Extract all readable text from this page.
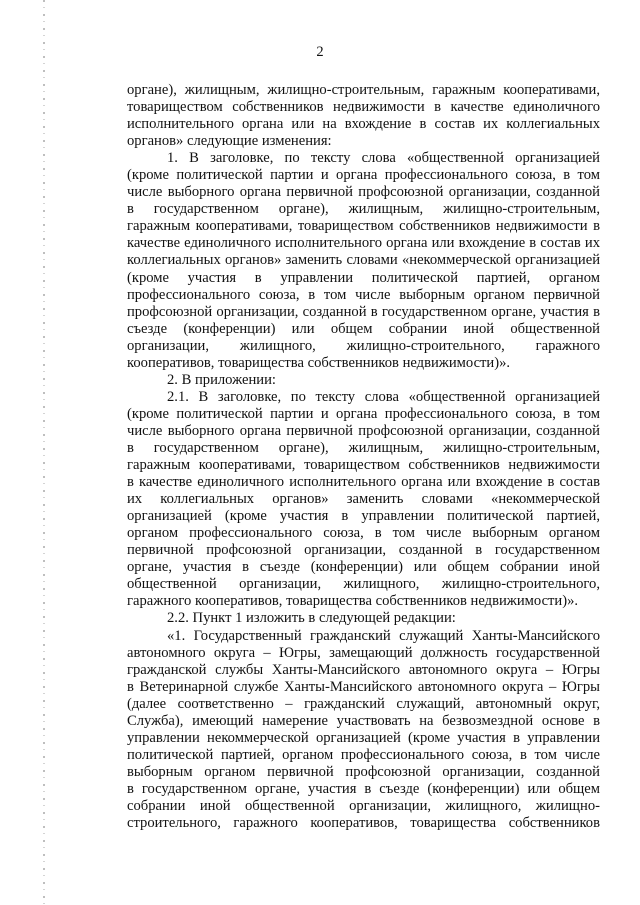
2
органе), жилищным, жилищно-строительным, гаражным кооперативами,
товариществом собственников недвижимости в качестве единоличного
исполнительного органа или на вхождение в состав их коллегиальных
органов» следующие изменения:
1. В заголовке, по тексту слова «общественной организацией
(кроме политической партии и органа профессионального союза, в том
числе выборного органа первичной профсоюзной организации, созданной
в государственном органе), жилищным, жилищно-строительным,
гаражным кооперативами, товариществом собственников недвижимости в
качестве единоличного исполнительного органа или вхождение в состав их
коллегиальных органов» заменить словами «некоммерческой организацией
(кроме участия в управлении политической партией, органом
профессионального союза, в том числе выборным органом первичной
профсоюзной организации, созданной в государственном органе, участия в
съезде (конференции) или общем собрании иной общественной
организации, жилищного, жилищно-строительного, гаражного
кооперативов, товарищества собственников недвижимости)».
2. В приложении:
2.1. В заголовке, по тексту слова «общественной организацией
(кроме политической партии и органа профессионального союза, в том
числе выборного органа первичной профсоюзной организации, созданной
в государственном органе), жилищным, жилищно-строительным,
гаражным кооперативами, товариществом собственников недвижимости
в качестве единоличного исполнительного органа или вхождение в состав
их коллегиальных органов» заменить словами «некоммерческой
организацией (кроме участия в управлении политической партией,
органом профессионального союза, в том числе выборным органом
первичной профсоюзной организации, созданной в государственном
органе, участия в съезде (конференции) или общем собрании иной
общественной организации, жилищного, жилищно-строительного,
гаражного кооперативов, товарищества собственников недвижимости)».
2.2. Пункт 1 изложить в следующей редакции:
«1. Государственный гражданский служащий Ханты-Мансийского
автономного округа – Югры, замещающий должность государственной
гражданской службы Ханты-Мансийского автономного округа – Югры
в Ветеринарной службе Ханты-Мансийского автономного округа – Югры
(далее соответственно – гражданский служащий, автономный округ,
Служба), имеющий намерение участвовать на безвозмездной основе в
управлении некоммерческой организацией (кроме участия в управлении
политической партией, органом профессионального союза, в том числе
выборным органом первичной профсоюзной организации, созданной
в государственном органе, участия в съезде (конференции) или общем
собрании иной общественной организации, жилищного, жилищно-
строительного, гаражного кооперативов, товарищества собственников
